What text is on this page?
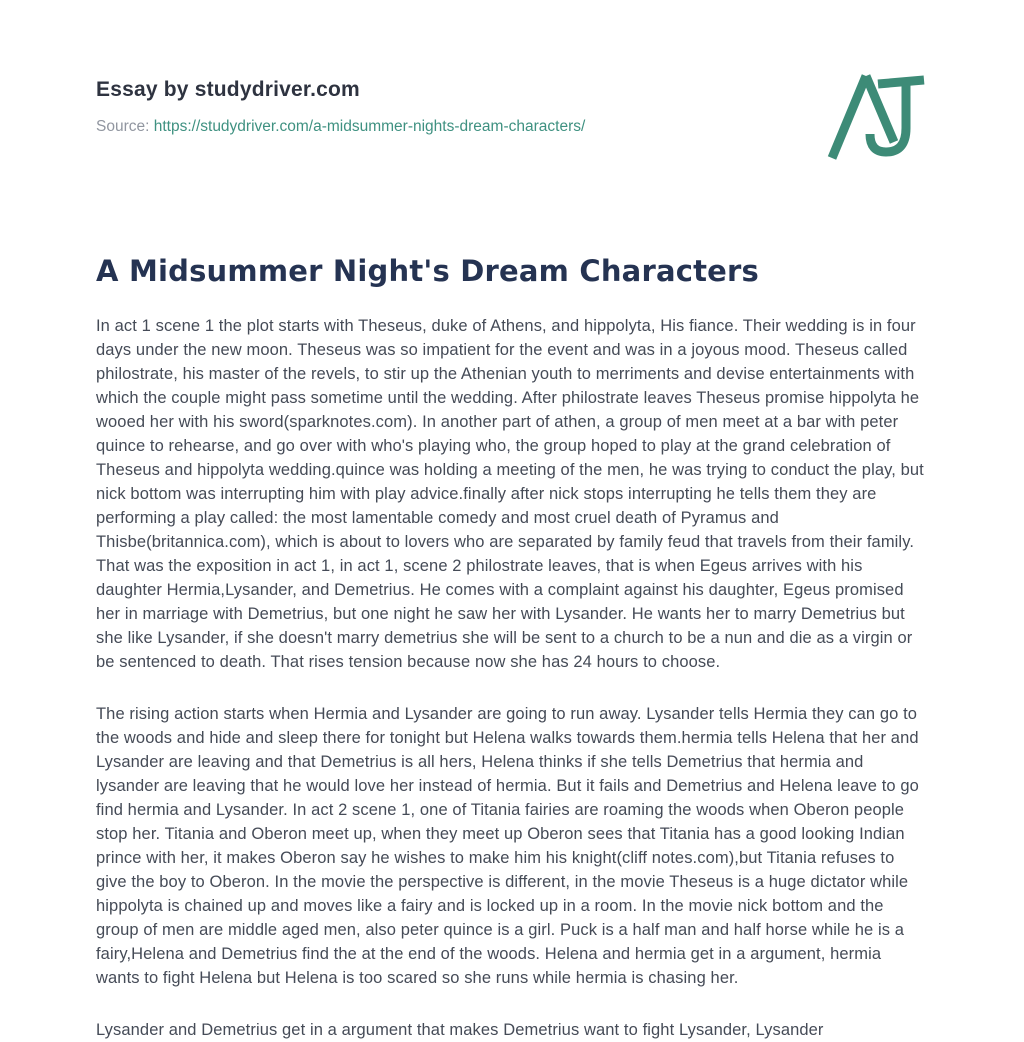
Essay by studydriver.com
Source: https://studydriver.com/a-midsummer-nights-dream-characters/
A Midsummer Night's Dream Characters

In act 1 scene 1 the plot starts with Theseus, duke of Athens, and hippolyta, His fiance. Their wedding is in four days under the new moon. Theseus was so impatient for the event and was in a joyous mood. Theseus called philostrate, his master of the revels, to stir up the Athenian youth to merriments and devise entertainments with which the couple might pass sometime until the wedding. After philostrate leaves Theseus promise hippolyta he wooed her with his sword(sparknotes.com). In another part of athen, a group of men meet at a bar with peter quince to rehearse, and go over with who's playing who, the group hoped to play at the grand celebration of Theseus and hippolyta wedding.quince was holding a meeting of the men, he was trying to conduct the play, but nick bottom was interrupting him with play advice.finally after nick stops interrupting he tells them they are performing a play called: the most lamentable comedy and most cruel death of Pyramus and Thisbe(britannica.com), which is about to lovers who are separated by family feud that travels from their family. That was the exposition in act 1, in act 1, scene 2 philostrate leaves, that is when Egeus arrives with his daughter Hermia,Lysander, and Demetrius. He comes with a complaint against his daughter, Egeus promised her in marriage with Demetrius, but one night he saw her with Lysander. He wants her to marry Demetrius but she like Lysander, if she doesn't marry demetrius she will be sent to a church to be a nun and die as a virgin or be sentenced to death. That rises tension because now she has 24 hours to choose.

The rising action starts when Hermia and Lysander are going to run away. Lysander tells Hermia they can go to the woods and hide and sleep there for tonight but Helena walks towards them.hermia tells Helena that her and Lysander are leaving and that Demetrius is all hers, Helena thinks if she tells Demetrius that hermia and lysander are leaving that he would love her instead of hermia. But it fails and Demetrius and Helena leave to go find hermia and Lysander. In act 2 scene 1, one of Titania fairies are roaming the woods when Oberon people stop her. Titania and Oberon meet up, when they meet up Oberon sees that Titania has a good looking Indian prince with her, it makes Oberon say he wishes to make him his knight(cliff notes.com),but Titania refuses to give the boy to Oberon. In the movie the perspective is different, in the movie Theseus is a huge dictator while hippolyta is chained up and moves like a fairy and is locked up in a room. In the movie nick bottom and the group of men are middle aged men, also peter quince is a girl. Puck is a half man and half horse while he is a fairy,Helena and Demetrius find the at the end of the woods. Helena and hermia get in a argument, hermia wants to fight Helena but Helena is too scared so she runs while hermia is chasing her.

Lysander and Demetrius get in a argument that makes Demetrius want to fight Lysander, Lysander
